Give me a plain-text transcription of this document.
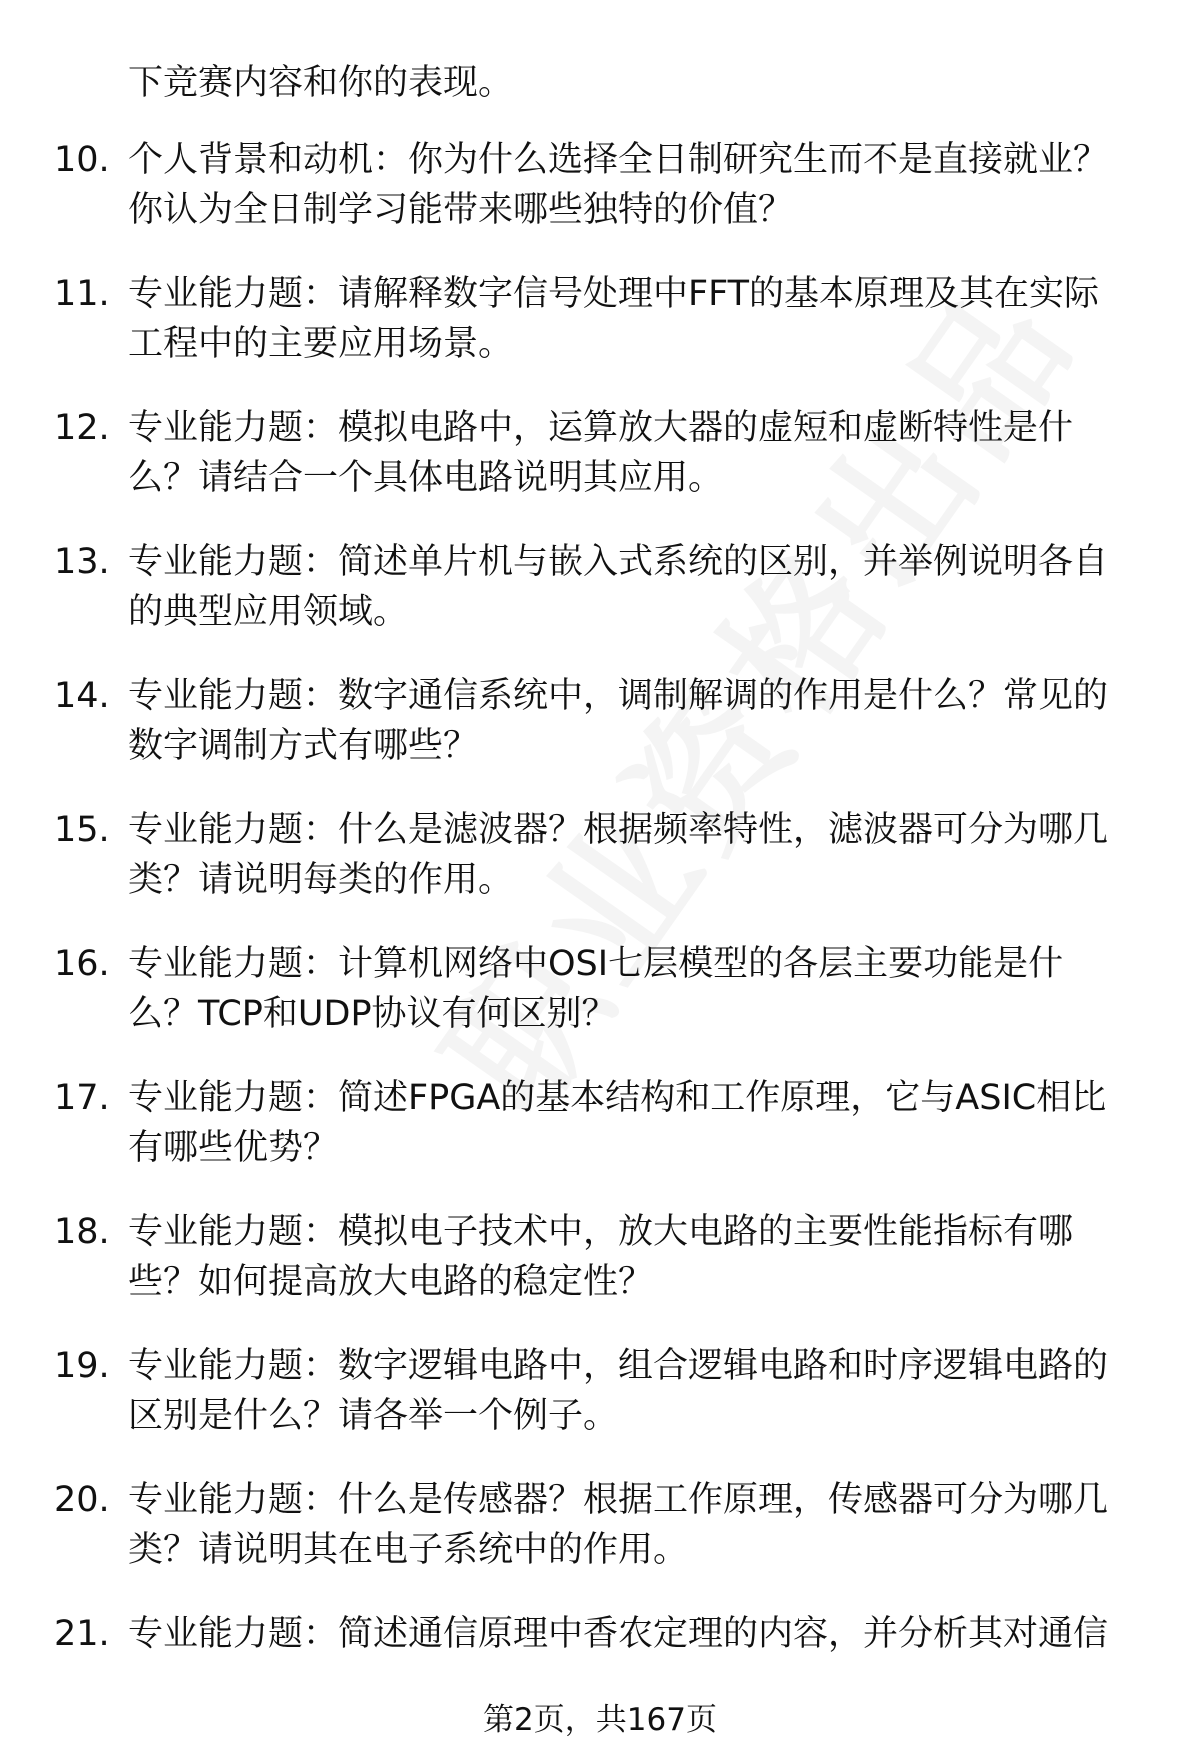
下竞赛内容和你的表现。
10. 个人背景和动机：你为什么选择全日制研究生而不是直接就业？
你认为全日制学习能带来哪些独特的价值？
11. 专业能力题：请解释数字信号处理中FFT的基本原理及其在实际
工程中的主要应用场景。
12. 专业能力题：模拟电路中，运算放大器的虚短和虚断特性是什
么？请结合一个具体电路说明其应用。
13. 专业能力题：简述单片机与嵌入式系统的区别，并举例说明各自
的典型应用领域。
14. 专业能力题：数字通信系统中，调制解调的作用是什么？常见的
数字调制方式有哪些？
15. 专业能力题：什么是滤波器？根据频率特性，滤波器可分为哪几
类？请说明每类的作用。
16. 专业能力题：计算机网络中OSI七层模型的各层主要功能是什
么？TCP和UDP协议有何区别？
17. 专业能力题：简述FPGA的基本结构和工作原理，它与ASIC相比
有哪些优势？
18. 专业能力题：模拟电子技术中，放大电路的主要性能指标有哪
些？如何提高放大电路的稳定性？
19. 专业能力题：数字逻辑电路中，组合逻辑电路和时序逻辑电路的
区别是什么？请各举一个例子。
20. 专业能力题：什么是传感器？根据工作原理，传感器可分为哪几
类？请说明其在电子系统中的作用。
21. 专业能力题：简述通信原理中香农定理的内容，并分析其对通信
第2页，共167页
